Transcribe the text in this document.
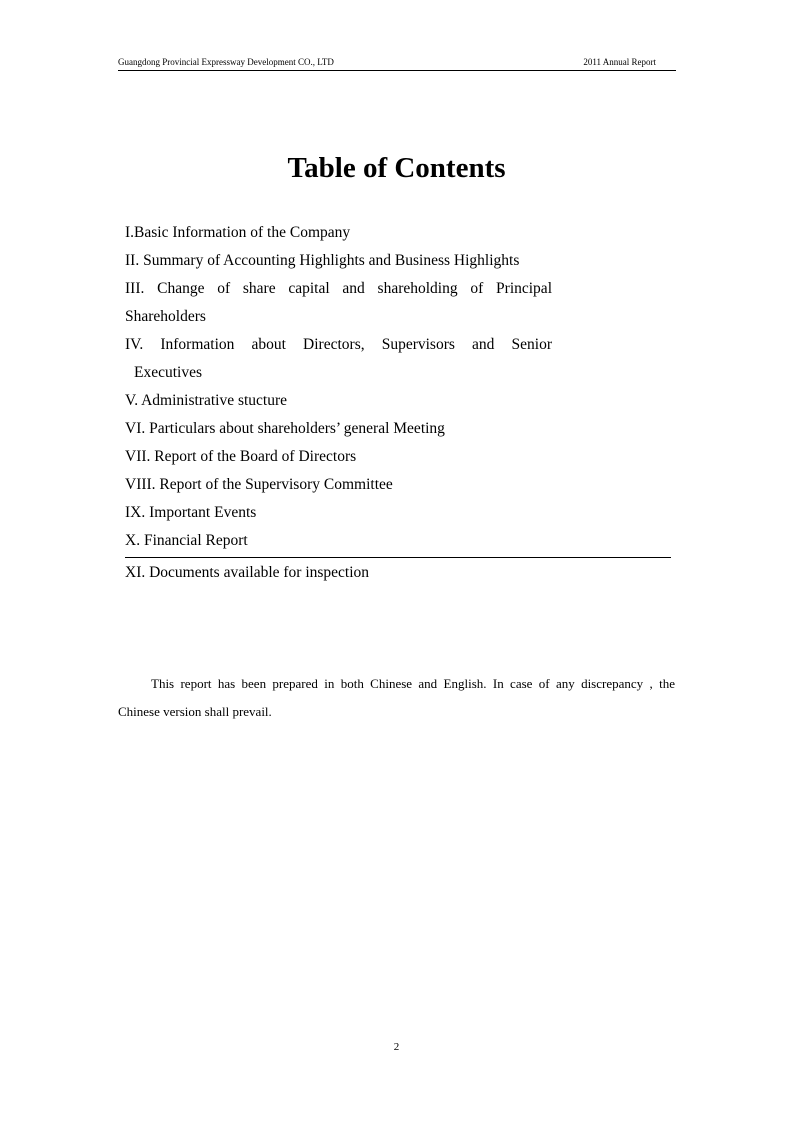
Guangdong Provincial Expressway Development CO., LTD	2011 Annual Report
Table of Contents
I.Basic Information of the Company
II. Summary of Accounting Highlights and Business Highlights
III. Change of share capital and shareholding of Principal
Shareholders
IV. Information about Directors, Supervisors and Senior
Executives
V. Administrative stucture
VI. Particulars about shareholders’ general Meeting
VII. Report of the Board of Directors
VIII. Report of the Supervisory Committee
IX. Important Events
X. Financial Report
XI. Documents available for inspection
This report has been prepared in both Chinese and English. In case of any discrepancy , the
Chinese version shall prevail.
2
